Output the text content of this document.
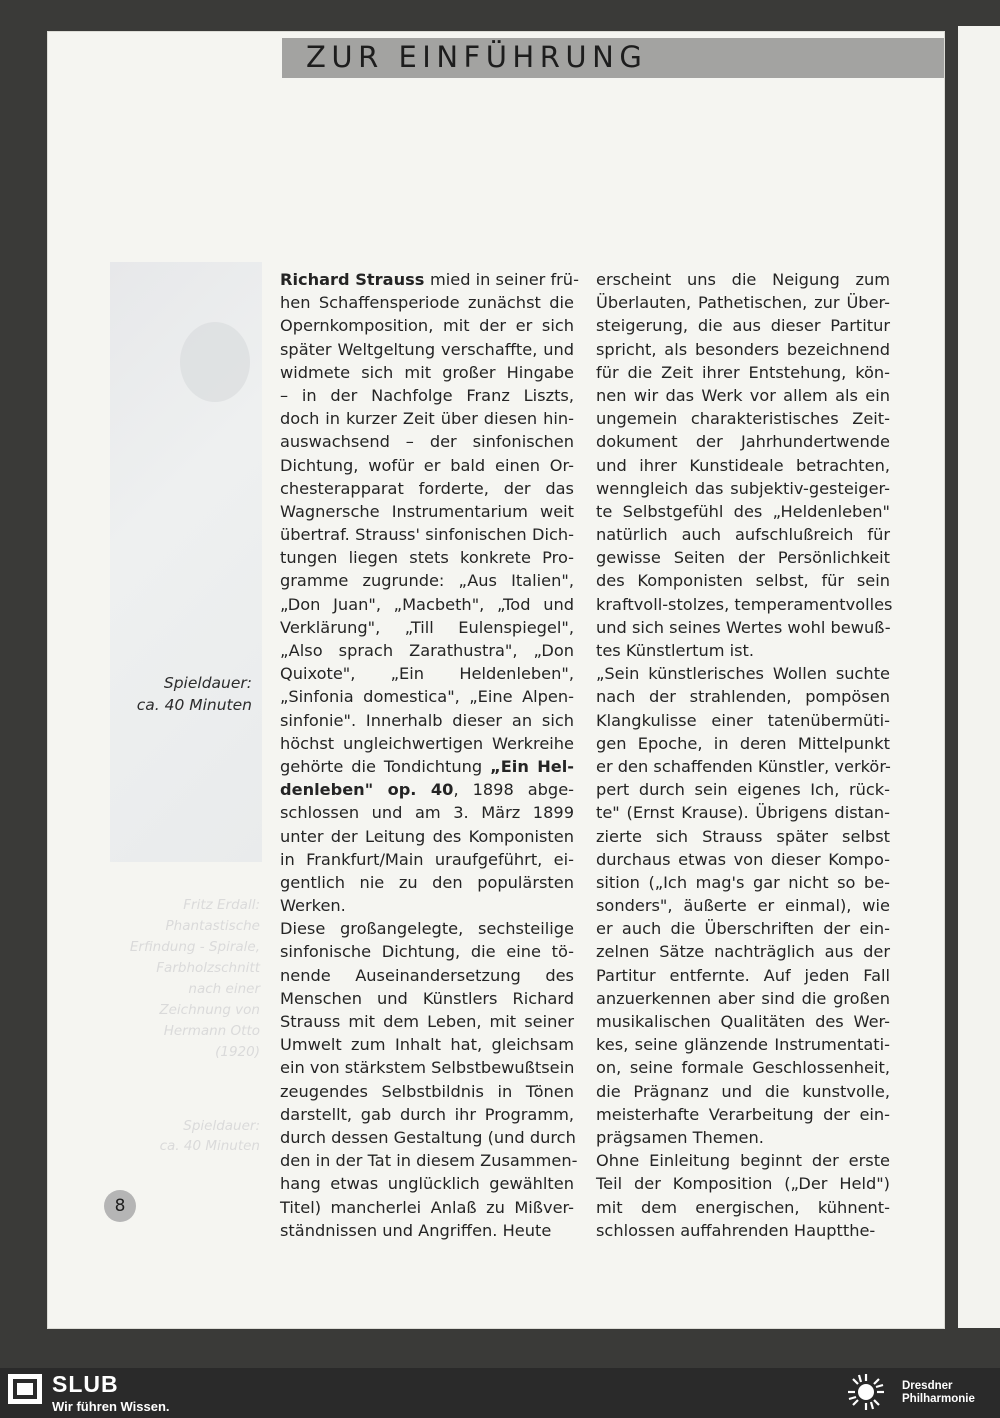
ZUR EINFÜHRUNG
Fritz Erdall:
Phantastische
Erfindung - Spirale,
Farbholzschnitt
nach einer
Zeichnung von
Hermann Otto
(1920)
Spieldauer:
ca. 40 Minuten
Spieldauer:
ca. 40 Minuten
Richard Strauss mied in seiner frü-
hen Schaffensperiode zunächst die
Opernkomposition, mit der er sich
später Weltgeltung verschaffte, und
widmete sich mit großer Hingabe
– in der Nachfolge Franz Liszts,
doch in kurzer Zeit über diesen hin-
auswachsend – der sinfonischen
Dichtung, wofür er bald einen Or-
chesterapparat forderte, der das
Wagnersche Instrumentarium weit
übertraf. Strauss' sinfonischen Dich-
tungen liegen stets konkrete Pro-
gramme zugrunde: „Aus Italien",
„Don Juan", „Macbeth", „Tod und
Verklärung", „Till Eulenspiegel",
„Also sprach Zarathustra", „Don
Quixote", „Ein Heldenleben",
„Sinfonia domestica", „Eine Alpen-
sinfonie". Innerhalb dieser an sich
höchst ungleichwertigen Werkreihe
gehörte die Tondichtung „Ein Hel-
denleben" op. 40, 1898 abge-
schlossen und am 3. März 1899
unter der Leitung des Komponisten
in Frankfurt/Main uraufgeführt, ei-
gentlich nie zu den populärsten
Werken.
Diese großangelegte, sechsteilige
sinfonische Dichtung, die eine tö-
nende Auseinandersetzung des
Menschen und Künstlers Richard
Strauss mit dem Leben, mit seiner
Umwelt zum Inhalt hat, gleichsam
ein von stärkstem Selbstbewußtsein
zeugendes Selbstbildnis in Tönen
darstellt, gab durch ihr Programm,
durch dessen Gestaltung (und durch
den in der Tat in diesem Zusammen-
hang etwas unglücklich gewählten
Titel) mancherlei Anlaß zu Mißver-
ständnissen und Angriffen. Heute
erscheint uns die Neigung zum
Überlauten, Pathetischen, zur Über-
steigerung, die aus dieser Partitur
spricht, als besonders bezeichnend
für die Zeit ihrer Entstehung, kön-
nen wir das Werk vor allem als ein
ungemein charakteristisches Zeit-
dokument der Jahrhundertwende
und ihrer Kunstideale betrachten,
wenngleich das subjektiv-gesteiger-
te Selbstgefühl des „Heldenleben"
natürlich auch aufschlußreich für
gewisse Seiten der Persönlichkeit
des Komponisten selbst, für sein
kraftvoll-stolzes, temperamentvolles
und sich seines Wertes wohl bewuß-
tes Künstlertum ist.
„Sein künstlerisches Wollen suchte
nach der strahlenden, pompösen
Klangkulisse einer tatenübermüti-
gen Epoche, in deren Mittelpunkt
er den schaffenden Künstler, verkör-
pert durch sein eigenes Ich, rück-
te" (Ernst Krause). Übrigens distan-
zierte sich Strauss später selbst
durchaus etwas von dieser Kompo-
sition („Ich mag's gar nicht so be-
sonders", äußerte er einmal), wie
er auch die Überschriften der ein-
zelnen Sätze nachträglich aus der
Partitur entfernte. Auf jeden Fall
anzuerkennen aber sind die großen
musikalischen Qualitäten des Wer-
kes, seine glänzende Instrumentati-
on, seine formale Geschlossenheit,
die Prägnanz und die kunstvolle,
meisterhafte Verarbeitung der ein-
prägsamen Themen.
Ohne Einleitung beginnt der erste
Teil der Komposition („Der Held")
mit dem energischen, kühnent-
schlossen auffahrenden Hauptthe-
8
SLUB
Wir führen Wissen.
Dresdner
Philharmonie
